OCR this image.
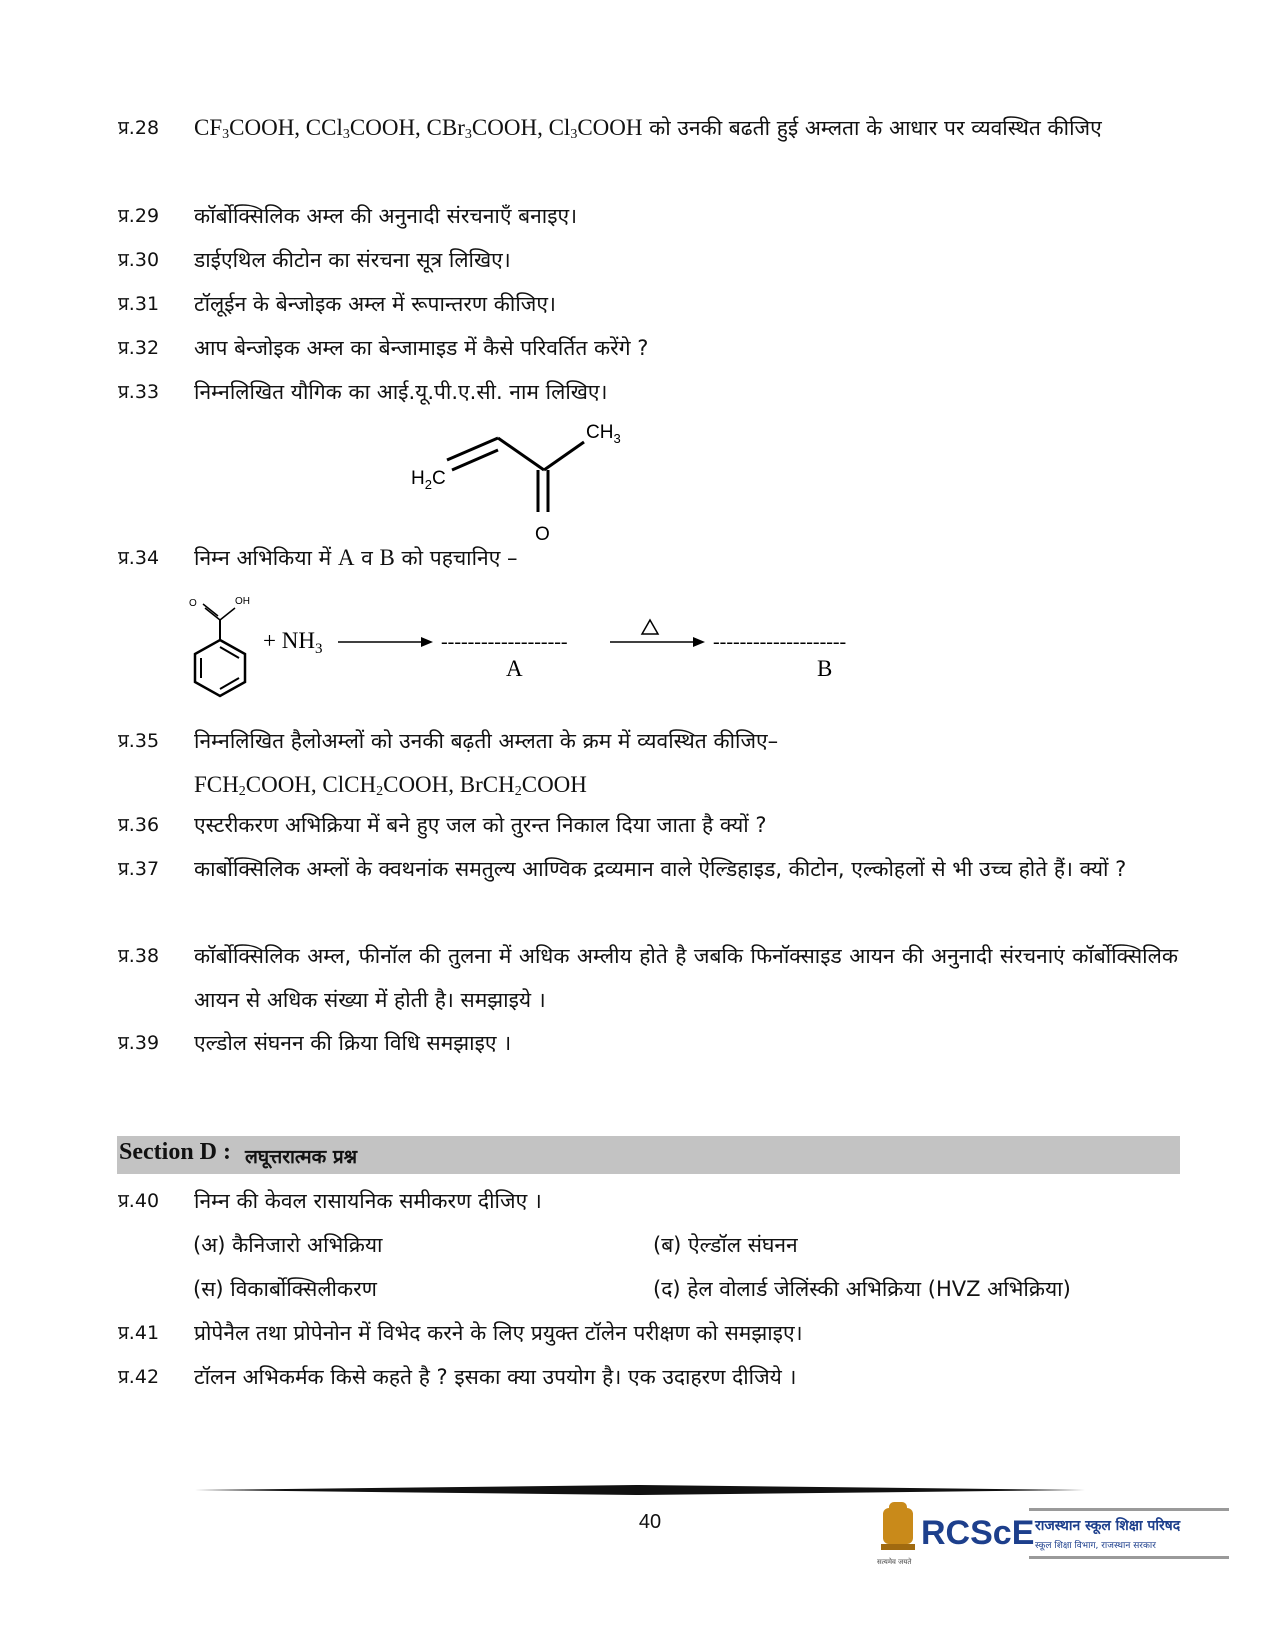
प्र.28	$CF_3COOH$, CCl$_3$COOH, CBr$_3$COOH, $Cl_3COOH$ को उनकी बढती हुई अम्लता के आधार पर व्यवस्थित कीजिए
प्र.29	कॉर्बोक्सिलिक अम्ल की अनुनादी संरचनाएँ बनाइए।
प्र.30	डाईएथिल कीटोन का संरचना सूत्र लिखिए।
प्र.31	टॉलूईन के बेन्जोइक अम्ल में रूपान्तरण कीजिए।
प्र.32	आप बेन्जोइक अम्ल का बेन्जामाइड में कैसे परिवर्तित करेंगे ?
प्र.33	निम्नलिखित यौगिक का आई.यू.पी.ए.सी. नाम लिखिए।
$H_2C$
$CH_3$
O
प्र.34	निम्न अभिकिया में A व B को पहचानिए –
O	OH
+ $NH_3$	-------------------
A
--------------------
B
प्र.35	निम्नलिखित हैलोअम्लों को उनकी बढ़ती अम्लता के क्रम में व्यवस्थित कीजिए–
$FCH_2COOH$, ClCH$_2$COOH, BrCH$_2$COOH
प्र.36	एस्टरीकरण अभिक्रिया में बने हुए जल को तुरन्त निकाल दिया जाता है क्यों ?
प्र.37	कार्बोक्सिलिक अम्लों के क्वथनांक समतुल्य आण्विक द्रव्यमान वाले ऐल्डिहाइड, कीटोन, एल्कोहलों से भी उच्च होते हैं। क्यों ?
प्र.38	कॉर्बोक्सिलिक अम्ल, फीनॉल की तुलना में अधिक अम्लीय होते है जबकि फिनॉक्साइड आयन की अनुनादी संरचनाएं कॉर्बोक्सिलिक आयन से अधिक संख्या में होती है। समझाइये ।
प्र.39	एल्डोल संघनन की क्रिया विधि समझाइए ।
Section D : लघूत्तरात्मक प्रश्न
प्र.40	निम्न की केवल रासायनिक समीकरण दीजिए ।
(अ) कैनिजारो अभिक्रिया	(ब) ऐल्डॉल संघनन
(स) विकार्बोक्सिलीकरण	(द) हेल वोलार्ड जेलिंस्की अभिक्रिया (HVZ अभिक्रिया)
प्र.41	प्रोपेनैल तथा प्रोपेनोन में विभेद करने के लिए प्रयुक्त टॉलेन परीक्षण को समझाइए।
प्र.42	टॉलन अभिकर्मक किसे कहते है ? इसका क्या उपयोग है। एक उदाहरण दीजिये ।
40
सत्यमेव जयते
RCScE राजस्थान स्कूल शिक्षा परिषद
स्कूल शिक्षा विभाग, राजस्थान सरकार
